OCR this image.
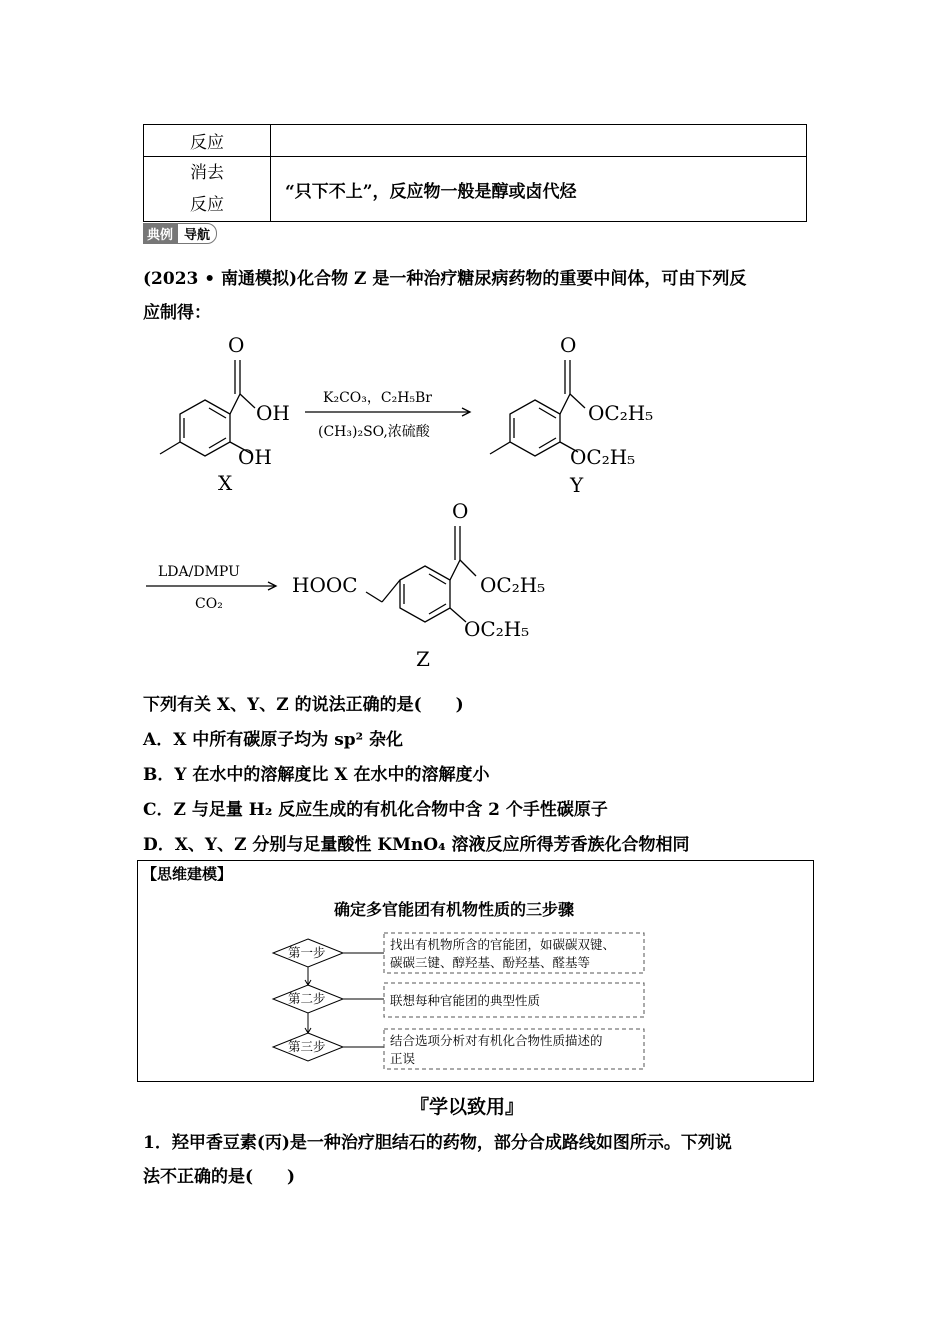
反应	

消去
反应	“只下不上”，反应物一般是醇或卤代烃
典例 导航
(2023 • 南通模拟)化合物 Z 是一种治疗糖尿病药物的重要中间体，可由下列反
应制得：
O
OH
OH
X
O
OC₂H₅
OC₂H₅
Y
O
OC₂H₅
OC₂H₅
HOOC
Z
K₂CO₃，C₂H₅Br
(CH₃)₂SO,浓硫酸
LDA/DMPU
CO₂
下列有关 X、Y、Z 的说法正确的是(　　)
A．X 中所有碳原子均为 sp² 杂化
B．Y 在水中的溶解度比 X 在水中的溶解度小
C．Z 与足量 H₂ 反应生成的有机化合物中含 2 个手性碳原子
D．X、Y、Z 分别与足量酸性 KMnO₄ 溶液反应所得芳香族化合物相同
【思维建模】
确定多官能团有机物性质的三步骤
第一步
第二步
第三步
找出有机物所含的官能团，如碳碳双键、
碳碳三键、醇羟基、酚羟基、醛基等
联想每种官能团的典型性质
结合选项分析对有机化合物性质描述的
正误
『学以致用』
1．羟甲香豆素(丙)是一种治疗胆结石的药物，部分合成路线如图所示。下列说
法不正确的是(　　)
